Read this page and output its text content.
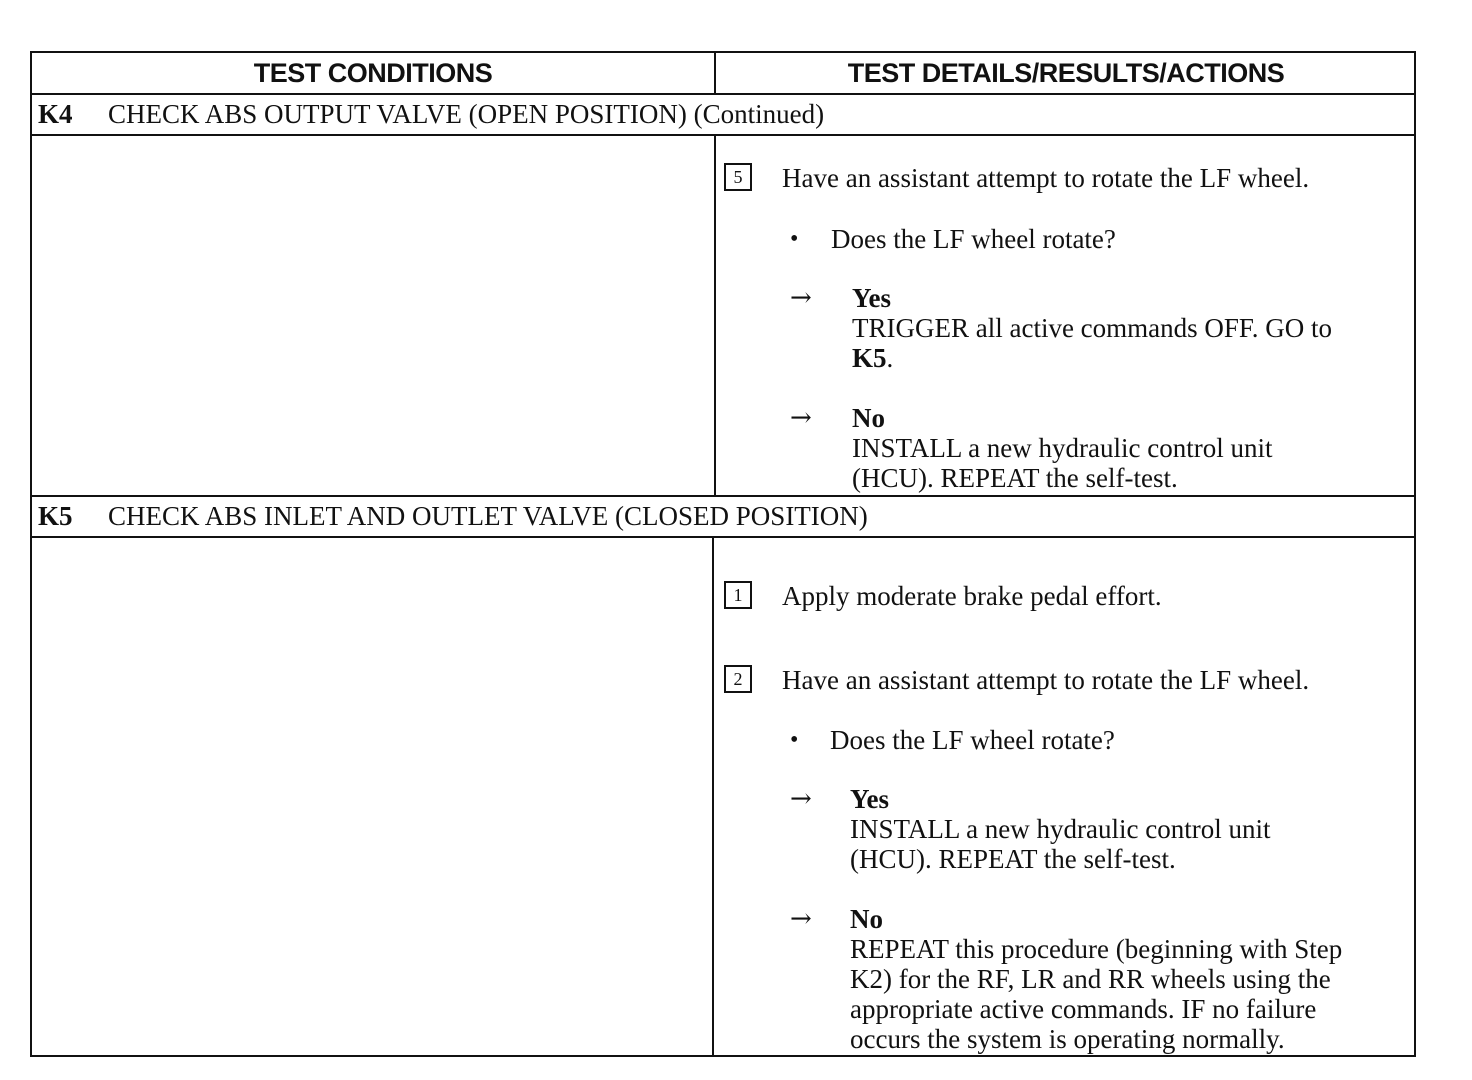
TEST CONDITIONS	TEST DETAILS/RESULTS/ACTIONS
K4 CHECK ABS OUTPUT VALVE (OPEN POSITION) (Continued)
5	Have an assistant attempt to rotate the LF wheel.
• Does the LF wheel rotate?
→ Yes
TRIGGER all active commands OFF. GO to
K5.
→ No
INSTALL a new hydraulic control unit
(HCU). REPEAT the self-test.
K5 CHECK ABS INLET AND OUTLET VALVE (CLOSED POSITION)
1	Apply moderate brake pedal effort.
2	Have an assistant attempt to rotate the LF wheel.
• Does the LF wheel rotate?
→ Yes
INSTALL a new hydraulic control unit
(HCU). REPEAT the self-test.
→ No
REPEAT this procedure (beginning with Step
K2) for the RF, LR and RR wheels using the
appropriate active commands. IF no failure
occurs the system is operating normally.
